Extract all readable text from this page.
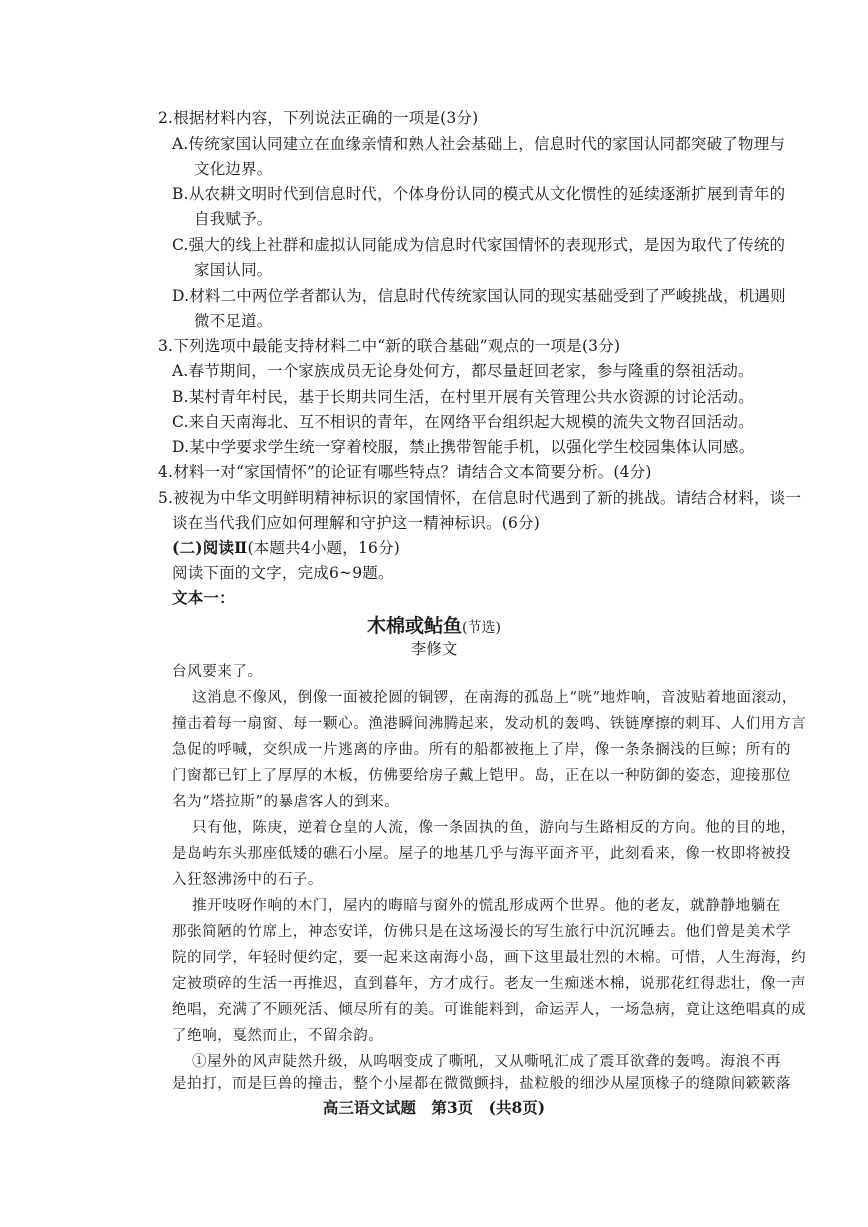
2.根据材料内容，下列说法正确的一项是(3分)
A.传统家国认同建立在血缘亲情和熟人社会基础上，信息时代的家国认同都突破了物理与
文化边界。
B.从农耕文明时代到信息时代，个体身份认同的模式从文化惯性的延续逐渐扩展到青年的
自我赋予。
C.强大的线上社群和虚拟认同能成为信息时代家国情怀的表现形式，是因为取代了传统的
家国认同。
D.材料二中两位学者都认为，信息时代传统家国认同的现实基础受到了严峻挑战，机遇则
微不足道。
3.下列选项中最能支持材料二中“新的联合基础”观点的一项是(3分)
A.春节期间，一个家族成员无论身处何方，都尽量赶回老家，参与隆重的祭祖活动。
B.某村青年村民，基于长期共同生活，在村里开展有关管理公共水资源的讨论活动。
C.来自天南海北、互不相识的青年，在网络平台组织起大规模的流失文物召回活动。
D.某中学要求学生统一穿着校服，禁止携带智能手机，以强化学生校园集体认同感。
4.材料一对“家国情怀”的论证有哪些特点？请结合文本简要分析。(4分)
5.被视为中华文明鲜明精神标识的家国情怀，在信息时代遇到了新的挑战。请结合材料，谈一
谈在当代我们应如何理解和守护这一精神标识。(6分)
(二)阅读Ⅱ(本题共4小题，16分)
阅读下面的文字，完成6~9题。
文本一：
木棉或鲇鱼(节选)
李修文
台风要来了。
这消息不像风，倒像一面被抡圆的铜锣，在南海的孤岛上“咣”地炸响，音波贴着地面滚动，
撞击着每一扇窗、每一颗心。渔港瞬间沸腾起来，发动机的轰鸣、铁链摩擦的刺耳、人们用方言
急促的呼喊，交织成一片逃离的序曲。所有的船都被拖上了岸，像一条条搁浅的巨鲸；所有的
门窗都已钉上了厚厚的木板，仿佛要给房子戴上铠甲。岛，正在以一种防御的姿态，迎接那位
名为“塔拉斯”的暴虐客人的到来。
只有他，陈庚，逆着仓皇的人流，像一条固执的鱼，游向与生路相反的方向。他的目的地，
是岛屿东头那座低矮的礁石小屋。屋子的地基几乎与海平面齐平，此刻看来，像一枚即将被投
入狂怒沸汤中的石子。
推开吱呀作响的木门，屋内的晦暗与窗外的慌乱形成两个世界。他的老友，就静静地躺在
那张简陋的竹席上，神态安详，仿佛只是在这场漫长的写生旅行中沉沉睡去。他们曾是美术学
院的同学，年轻时便约定，要一起来这南海小岛，画下这里最壮烈的木棉。可惜，人生海海，约
定被琐碎的生活一再推迟，直到暮年，方才成行。老友一生痴迷木棉，说那花红得悲壮，像一声
绝唱，充满了不顾死活、倾尽所有的美。可谁能料到，命运弄人，一场急病，竟让这绝唱真的成
了绝响，戛然而止，不留余韵。
①屋外的风声陡然升级，从呜咽变成了嘶吼，又从嘶吼汇成了震耳欲聋的轰鸣。海浪不再
是拍打，而是巨兽的撞击，整个小屋都在微微颤抖，盐粒般的细沙从屋顶椽子的缝隙间簌簌落
高三语文试题　第3页　(共8页)
